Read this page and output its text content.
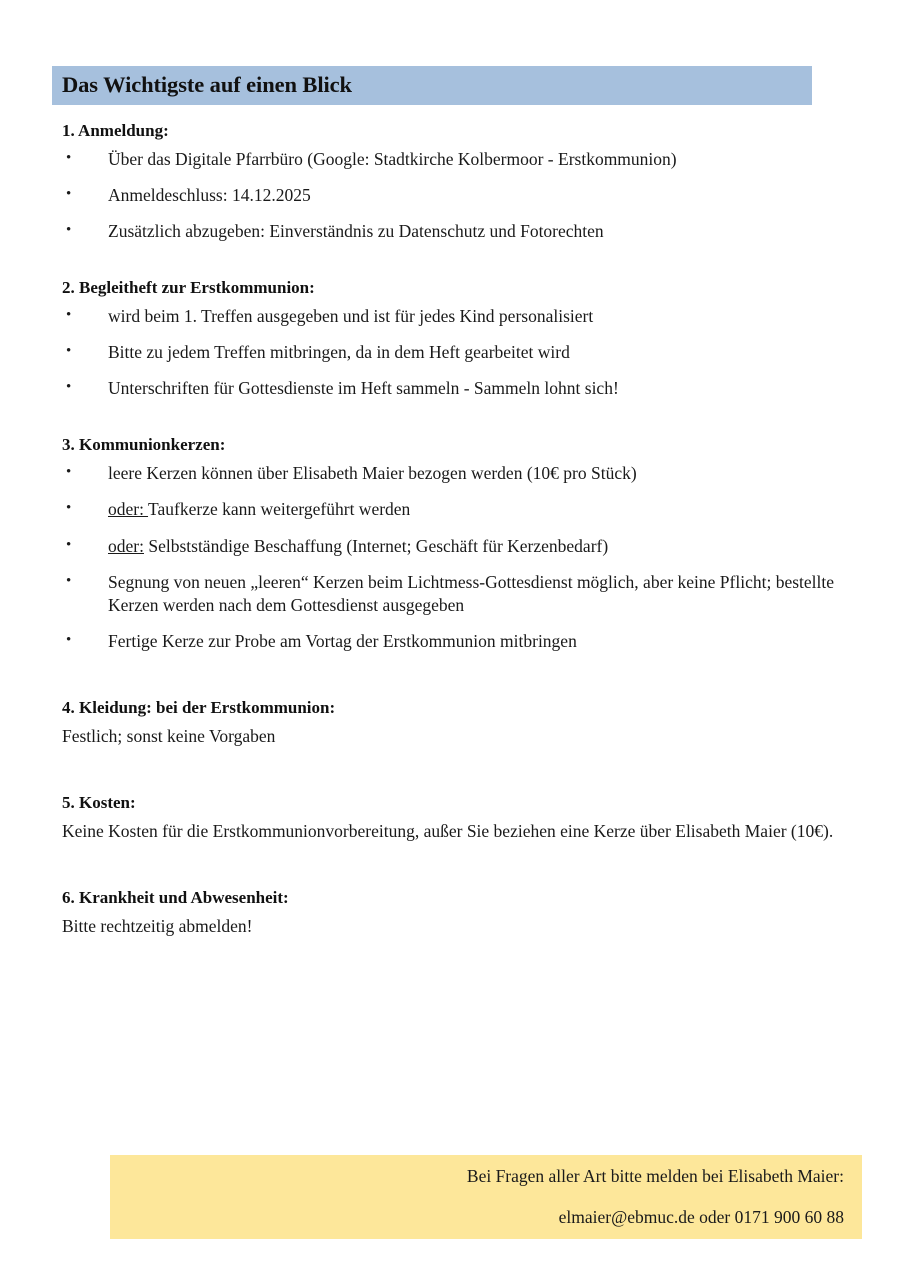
Das Wichtigste auf einen Blick
1. Anmeldung:
• Über das Digitale Pfarrbüro (Google: Stadtkirche Kolbermoor - Erstkommunion)
• Anmeldeschluss: 14.12.2025
• Zusätzlich abzugeben: Einverständnis zu Datenschutz und Fotorechten
2. Begleitheft zur Erstkommunion:
• wird beim 1. Treffen ausgegeben und ist für jedes Kind personalisiert
• Bitte zu jedem Treffen mitbringen, da in dem Heft gearbeitet wird
• Unterschriften für Gottesdienste im Heft sammeln - Sammeln lohnt sich!
3. Kommunionkerzen:
• leere Kerzen können über Elisabeth Maier bezogen werden (10€ pro Stück)
• oder: Taufkerze kann weitergeführt werden
• oder: Selbstständige Beschaffung (Internet; Geschäft für Kerzenbedarf)
• Segnung von neuen „leeren“ Kerzen beim Lichtmess-Gottesdienst möglich, aber keine Pflicht; bestellte Kerzen werden nach dem Gottesdienst ausgegeben
• Fertige Kerze zur Probe am Vortag der Erstkommunion mitbringen
4. Kleidung: bei der Erstkommunion:

Festlich; sonst keine Vorgaben

5. Kosten:

Keine Kosten für die Erstkommunionvorbereitung, außer Sie beziehen eine Kerze über Elisabeth Maier (10€).

6. Krankheit und Abwesenheit:

Bitte rechtzeitig abmelden!

Bei Fragen aller Art bitte melden bei Elisabeth Maier:
elmaier@ebmuc.de oder 0171 900 60 88
